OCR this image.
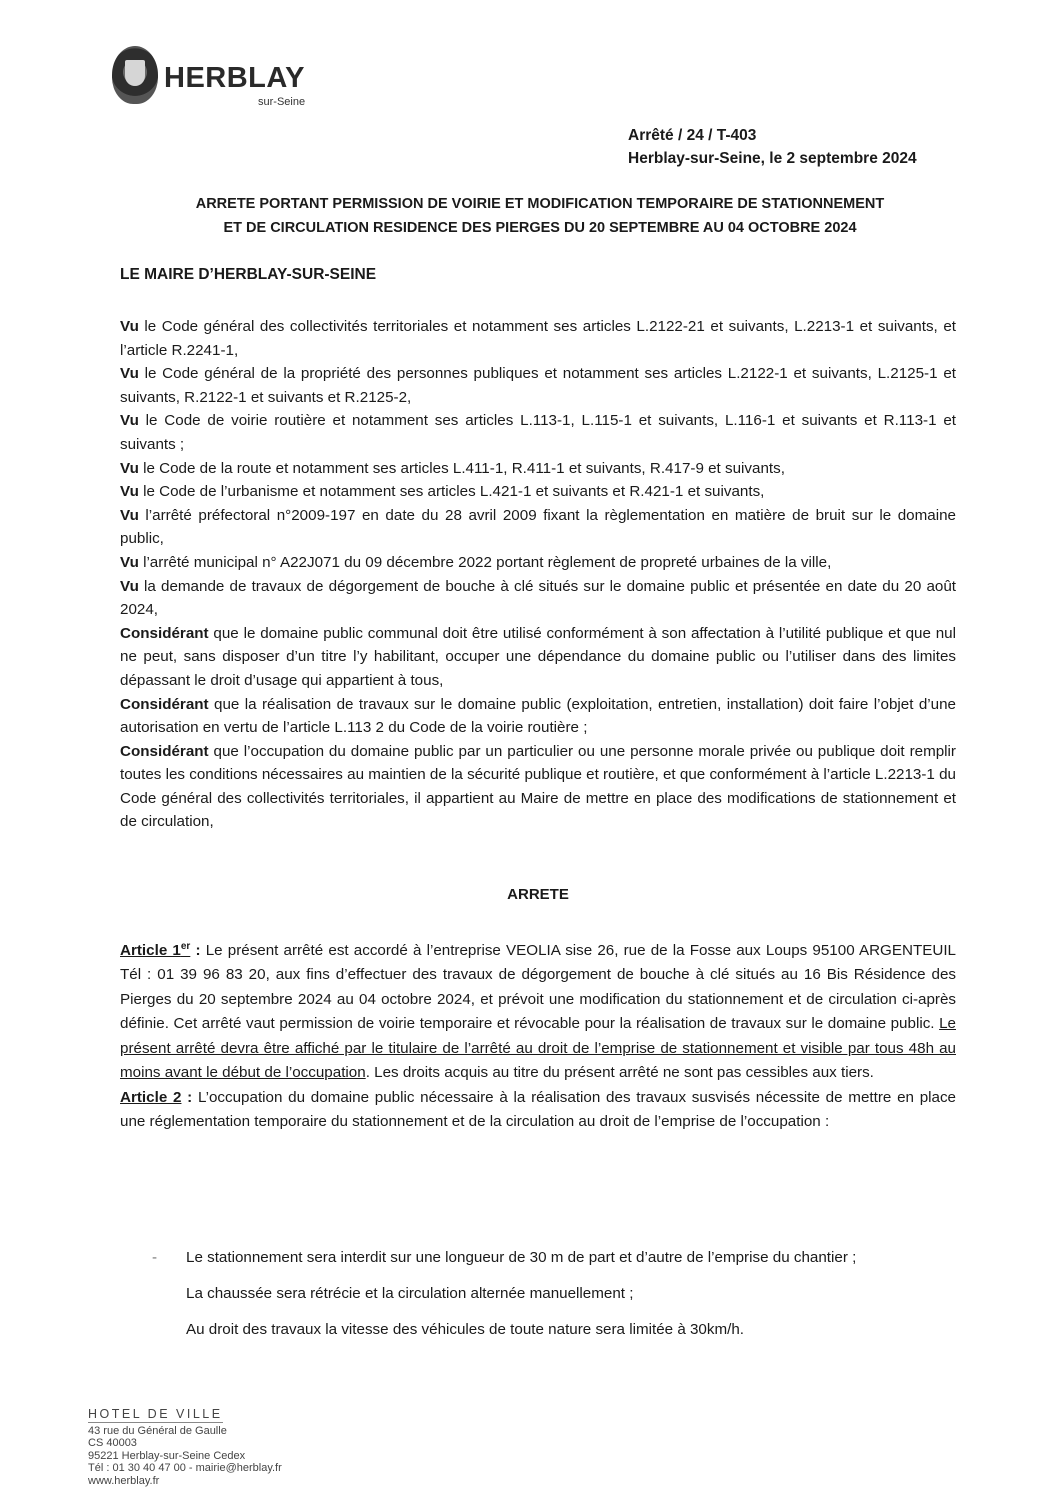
HERBLAY
sur-Seine
Arrêté / 24 / T-403
Herblay-sur-Seine, le 2 septembre 2024
ARRETE PORTANT PERMISSION DE VOIRIE ET MODIFICATION TEMPORAIRE DE STATIONNEMENT
ET DE CIRCULATION RESIDENCE DES PIERGES DU 20 SEPTEMBRE AU 04 OCTOBRE 2024
LE MAIRE D’HERBLAY-SUR-SEINE

Vu le Code général des collectivités territoriales et notamment ses articles L.2122-21 et suivants, L.2213-1 et suivants, et l’article R.2241-1,

Vu le Code général de la propriété des personnes publiques et notamment ses articles L.2122-1 et suivants, L.2125-1 et suivants, R.2122-1 et suivants et R.2125-2,

Vu le Code de voirie routière et notamment ses articles L.113-1, L.115-1 et suivants, L.116-1 et suivants et R.113-1 et suivants ;

Vu le Code de la route et notamment ses articles L.411-1, R.411-1 et suivants, R.417-9 et suivants,

Vu le Code de l’urbanisme et notamment ses articles L.421-1 et suivants et R.421-1 et suivants,

Vu l’arrêté préfectoral n°2009-197 en date du 28 avril 2009 fixant la règlementation en matière de bruit sur le domaine public,

Vu l’arrêté municipal n° A22J071 du 09 décembre 2022 portant règlement de propreté urbaines de la ville,

Vu la demande de travaux de dégorgement de bouche à clé situés sur le domaine public et présentée en date du 20 août 2024,

Considérant que le domaine public communal doit être utilisé conformément à son affectation à l’utilité publique et que nul ne peut, sans disposer d’un titre l’y habilitant, occuper une dépendance du domaine public ou l’utiliser dans des limites dépassant le droit d’usage qui appartient à tous,

Considérant que la réalisation de travaux sur le domaine public (exploitation, entretien, installation) doit faire l’objet d’une autorisation en vertu de l’article L.113 2 du Code de la voirie routière ;

Considérant que l’occupation du domaine public par un particulier ou une personne morale privée ou publique doit remplir toutes les conditions nécessaires au maintien de la sécurité publique et routière, et que conformément à l’article L.2213-1 du Code général des collectivités territoriales, il appartient au Maire de mettre en place des modifications de stationnement et de circulation,

ARRETE

Article 1er : Le présent arrêté est accordé à l’entreprise VEOLIA sise 26, rue de la Fosse aux Loups 95100 ARGENTEUIL Tél : 01 39 96 83 20, aux fins d’effectuer des travaux de dégorgement de bouche à clé situés au 16 Bis Résidence des Pierges du 20 septembre 2024 au 04 octobre 2024, et prévoit une modification du stationnement et de circulation ci-après définie. Cet arrêté vaut permission de voirie temporaire et révocable pour la réalisation de travaux sur le domaine public. Le présent arrêté devra être affiché par le titulaire de l’arrêté au droit de l’emprise de stationnement et visible par tous 48h au moins avant le début de l’occupation. Les droits acquis au titre du présent arrêté ne sont pas cessibles aux tiers.

Article 2 : L’occupation du domaine public nécessaire à la réalisation des travaux susvisés nécessite de mettre en place une réglementation temporaire du stationnement et de la circulation au droit de l’emprise de l’occupation :

- Le stationnement sera interdit sur une longueur de 30 m de part et d’autre de l’emprise du chantier ;
La chaussée sera rétrécie et la circulation alternée manuellement ;
Au droit des travaux la vitesse des véhicules de toute nature sera limitée à 30km/h.
HOTEL DE VILLE
43 rue du Général de Gaulle
CS 40003
95221 Herblay-sur-Seine Cedex
Tél : 01 30 40 47 00 - mairie@herblay.fr
www.herblay.fr
